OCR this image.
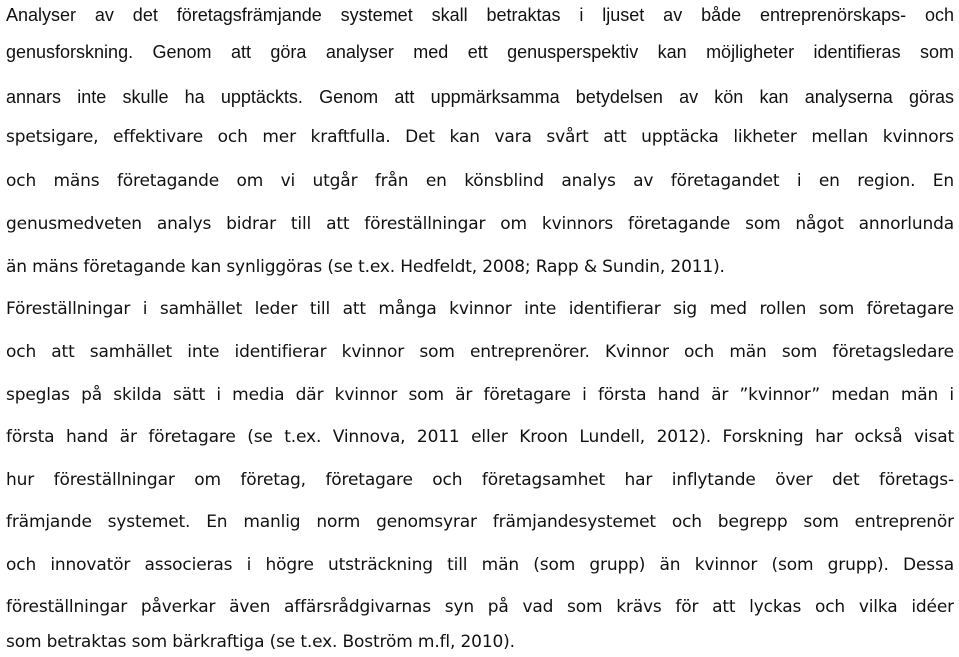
Analyser av det företagsfrämjande systemet skall betraktas i ljuset av både entreprenörskaps- och
genusforskning. Genom att göra analyser med ett genusperspektiv kan möjligheter identifieras som
annars inte skulle ha upptäckts. Genom att uppmärksamma betydelsen av kön kan analyserna göras
spetsigare, effektivare och mer kraftfulla. Det kan vara svårt att upptäcka likheter mellan kvinnors
och mäns företagande om vi utgår från en könsblind analys av företagandet i en region. En
genusmedveten analys bidrar till att föreställningar om kvinnors företagande som något annorlunda
än mäns företagande kan synliggöras (se t.ex. Hedfeldt, 2008; Rapp & Sundin, 2011).
Föreställningar i samhället leder till att många kvinnor inte identifierar sig med rollen som företagare
och att samhället inte identifierar kvinnor som entreprenörer. Kvinnor och män som företagsledare
speglas på skilda sätt i media där kvinnor som är företagare i första hand är ”kvinnor” medan män i
första hand är företagare (se t.ex. Vinnova, 2011 eller Kroon Lundell, 2012). Forskning har också visat
hur föreställningar om företag, företagare och företagsamhet har inflytande över det företags-
främjande systemet. En manlig norm genomsyrar främjandesystemet och begrepp som entreprenör
och innovatör associeras i högre utsträckning till män (som grupp) än kvinnor (som grupp). Dessa
föreställningar påverkar även affärsrådgivarnas syn på vad som krävs för att lyckas och vilka idéer
som betraktas som bärkraftiga (se t.ex. Boström m.fl, 2010).
